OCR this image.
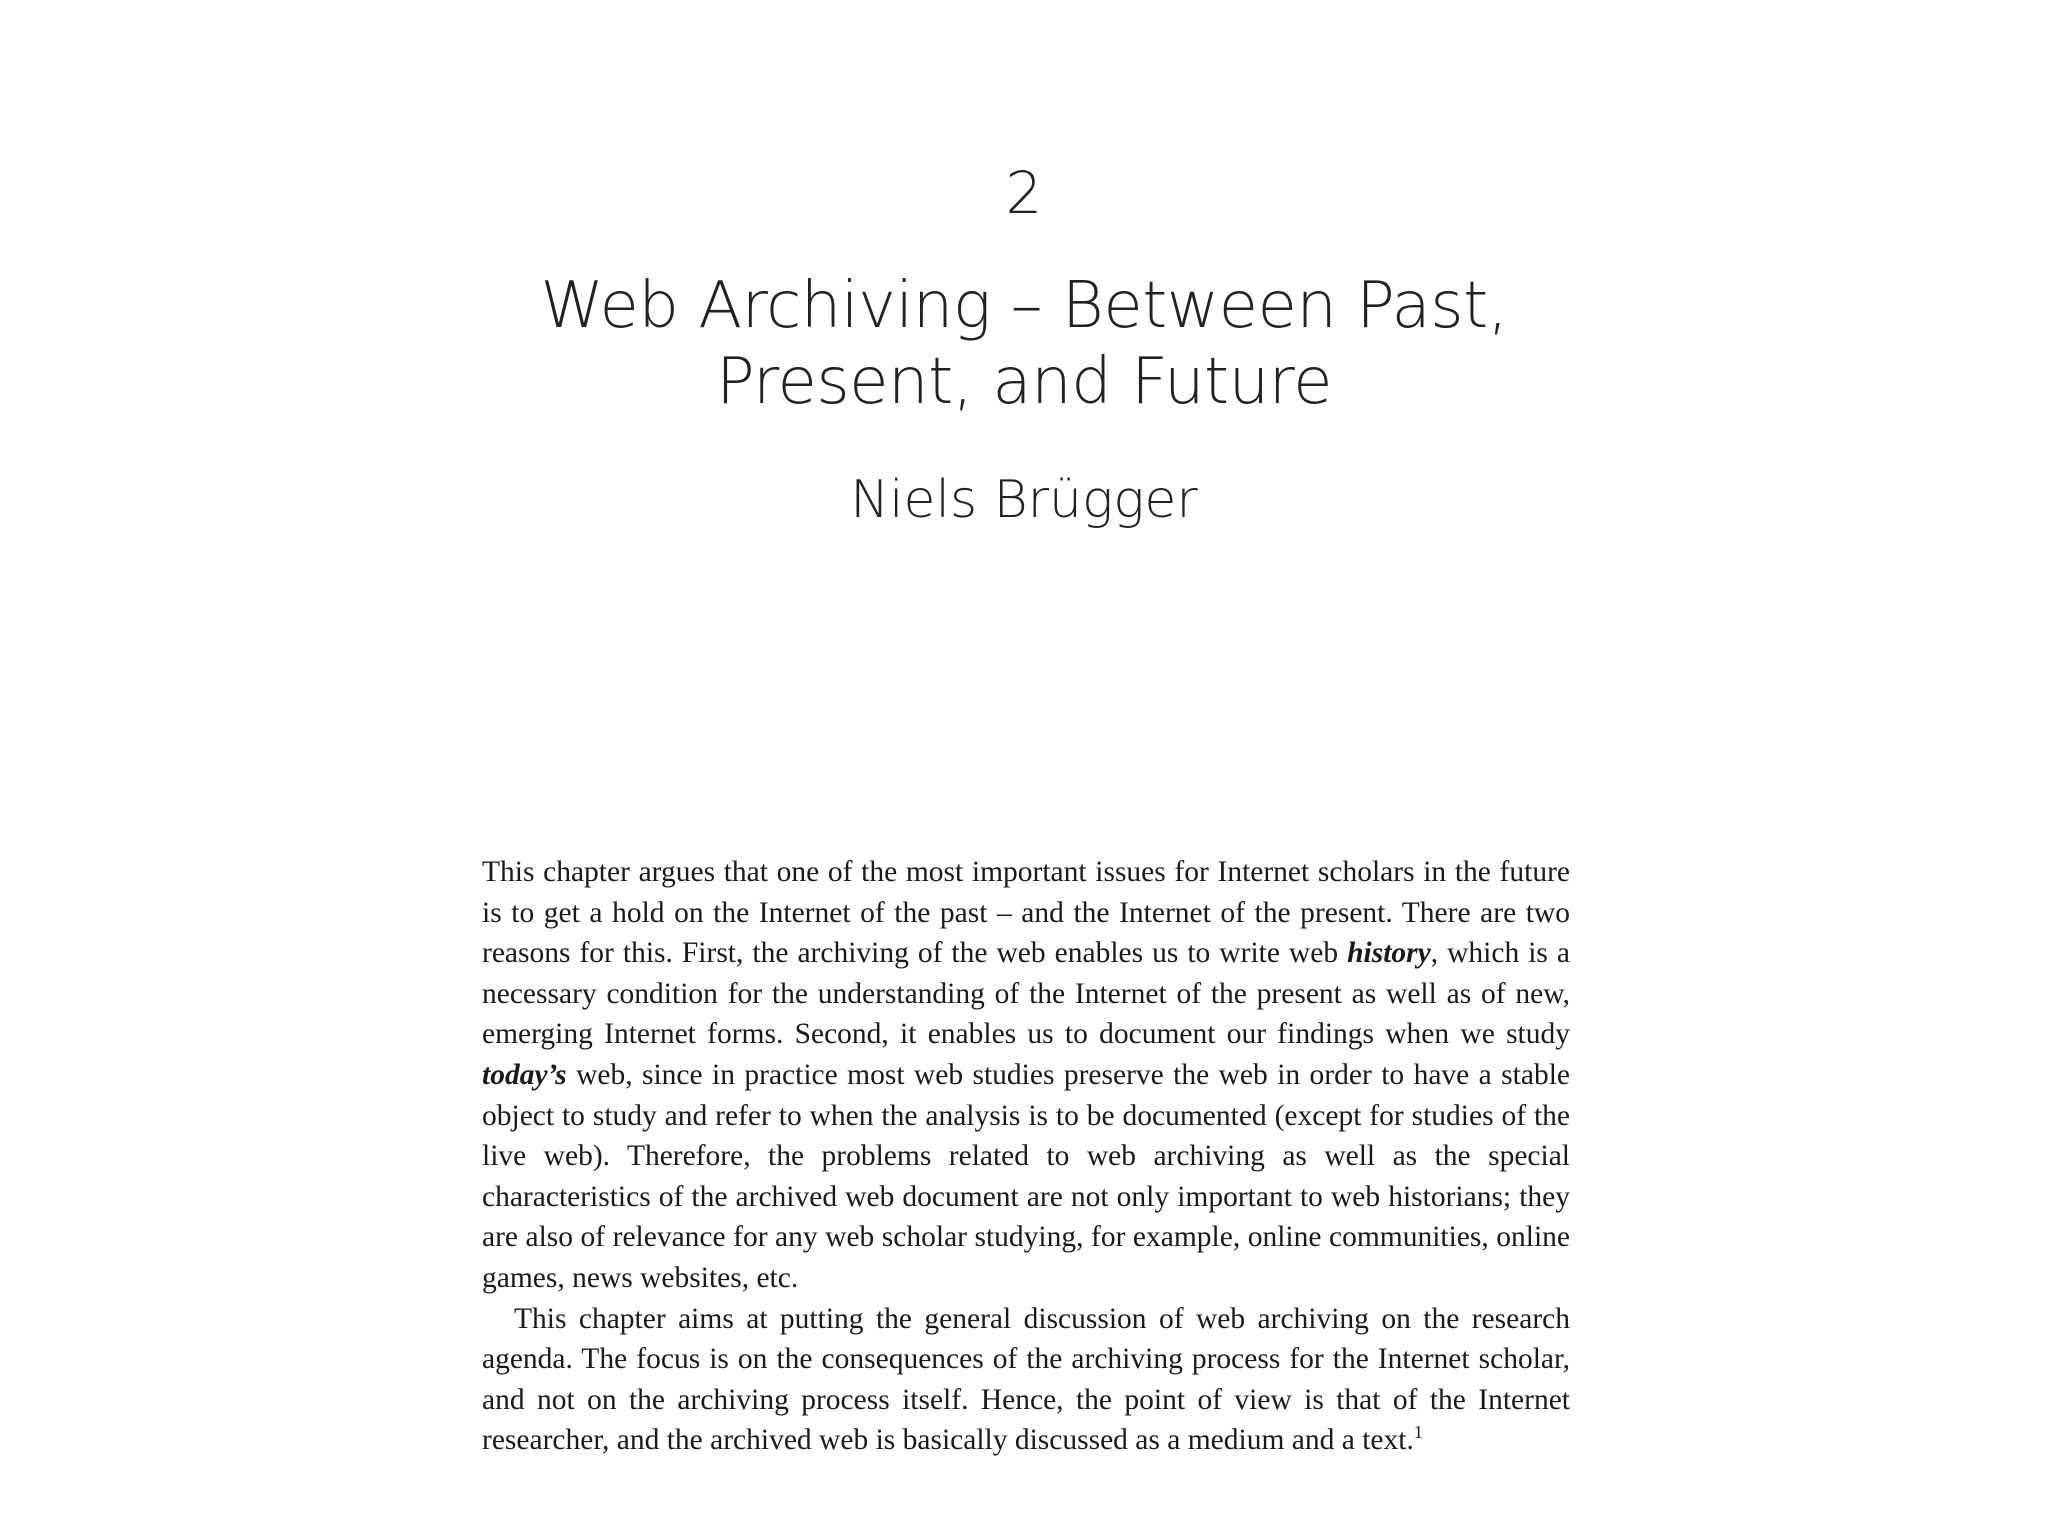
2
Web Archiving – Between Past,
Present, and Future
Niels Brügger

This chapter argues that one of the most important issues for Internet scholars in the future is to get a hold on the Internet of the past – and the Internet of the present. There are two reasons for this. First, the archiving of the web enables us to write web history, which is a necessary condition for the understanding of the Internet of the present as well as of new, emerging Internet forms. Second, it enables us to document our findings when we study today’s web, since in practice most web studies preserve the web in order to have a stable object to study and refer to when the analysis is to be documented (except for studies of the live web). Therefore, the problems related to web archiving as well as the special characteristics of the archived web document are not only important to web historians; they are also of relevance for any web scholar studying, for example, online communities, online games, news websites, etc.

This chapter aims at putting the general discussion of web archiving on the research agenda. The focus is on the consequences of the archiving process for the Internet scholar, and not on the archiving process itself. Hence, the point of view is that of the Internet researcher, and the archived web is basically discussed as a medium and a text.$^1$
